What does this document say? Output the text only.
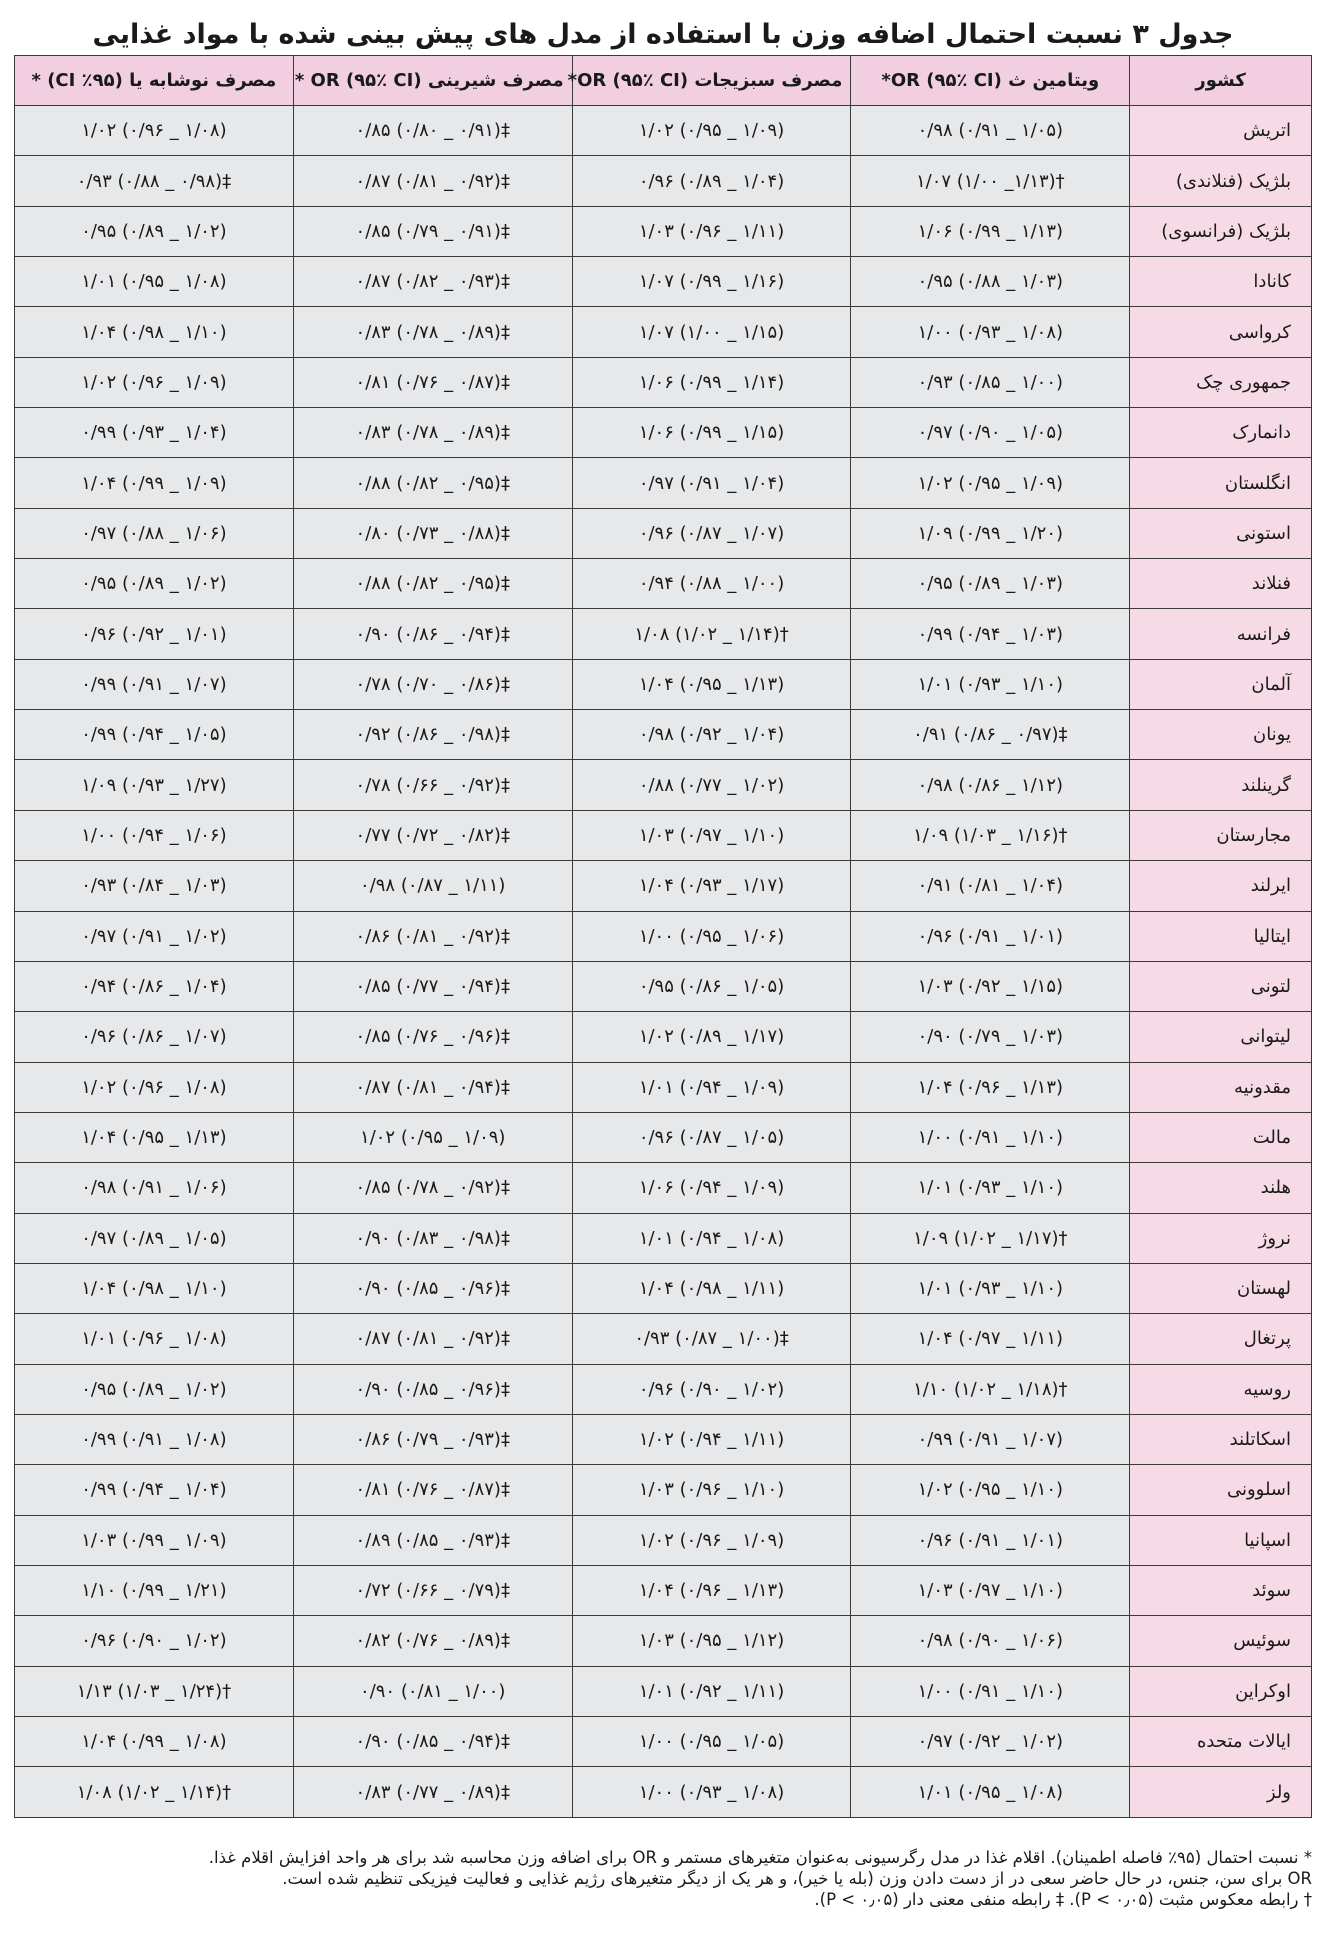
جدول ۳ نسبت احتمال اضافه وزن با استفاده از مدل های پیش بینی شده با مواد غذایی
کشور	ویتامین ث OR (۹۵٪ CI)*	مصرف سبزیجات OR (۹۵٪ CI)*	مصرف شیرینی OR (۹۵٪ CI) *	مصرف نوشابه یا (۹۵٪ CI) *
اتریش	۰/۹۸ (۰/۹۱ _ ۱/۰۵)	۱/۰۲ (۰/۹۵ _ ۱/۰۹)	۰/۸۵ (۰/۸۰ _ ۰/۹۱)‡	۱/۰۲ (۰/۹۶ _ ۱/۰۸)
بلژیک (فنلاندی)	۱/۰۷ (۱/۰۰ _۱/۱۳)†	۰/۹۶ (۰/۸۹ _ ۱/۰۴)	۰/۸۷ (۰/۸۱ _ ۰/۹۲)‡	۰/۹۳ (۰/۸۸ _ ۰/۹۸)‡
بلژیک (فرانسوی)	۱/۰۶ (۰/۹۹ _ ۱/۱۳)	۱/۰۳ (۰/۹۶ _ ۱/۱۱)	۰/۸۵ (۰/۷۹ _ ۰/۹۱)‡	۰/۹۵ (۰/۸۹ _ ۱/۰۲)
کانادا	۰/۹۵ (۰/۸۸ _ ۱/۰۳)	۱/۰۷ (۰/۹۹ _ ۱/۱۶)	۰/۸۷ (۰/۸۲ _ ۰/۹۳)‡	۱/۰۱ (۰/۹۵ _ ۱/۰۸)
کرواسی	۱/۰۰ (۰/۹۳ _ ۱/۰۸)	۱/۰۷ (۱/۰۰ _ ۱/۱۵)	۰/۸۳ (۰/۷۸ _ ۰/۸۹)‡	۱/۰۴ (۰/۹۸ _ ۱/۱۰)
جمهوری چک	۰/۹۳ (۰/۸۵ _ ۱/۰۰)	۱/۰۶ (۰/۹۹ _ ۱/۱۴)	۰/۸۱ (۰/۷۶ _ ۰/۸۷)‡	۱/۰۲ (۰/۹۶ _ ۱/۰۹)
دانمارک	۰/۹۷ (۰/۹۰ _ ۱/۰۵)	۱/۰۶ (۰/۹۹ _ ۱/۱۵)	۰/۸۳ (۰/۷۸ _ ۰/۸۹)‡	۰/۹۹ (۰/۹۳ _ ۱/۰۴)
انگلستان	۱/۰۲ (۰/۹۵ _ ۱/۰۹)	۰/۹۷ (۰/۹۱ _ ۱/۰۴)	۰/۸۸ (۰/۸۲ _ ۰/۹۵)‡	۱/۰۴ (۰/۹۹ _ ۱/۰۹)
استونی	۱/۰۹ (۰/۹۹ _ ۱/۲۰)	۰/۹۶ (۰/۸۷ _ ۱/۰۷)	۰/۸۰ (۰/۷۳ _ ۰/۸۸)‡	۰/۹۷ (۰/۸۸ _ ۱/۰۶)
فنلاند	۰/۹۵ (۰/۸۹ _ ۱/۰۳)	۰/۹۴ (۰/۸۸ _ ۱/۰۰)	۰/۸۸ (۰/۸۲ _ ۰/۹۵)‡	۰/۹۵ (۰/۸۹ _ ۱/۰۲)
فرانسه	۰/۹۹ (۰/۹۴ _ ۱/۰۳)	۱/۰۸ (۱/۰۲ _ ۱/۱۴)†	۰/۹۰ (۰/۸۶ _ ۰/۹۴)‡	۰/۹۶ (۰/۹۲ _ ۱/۰۱)
آلمان	۱/۰۱ (۰/۹۳ _ ۱/۱۰)	۱/۰۴ (۰/۹۵ _ ۱/۱۳)	۰/۷۸ (۰/۷۰ _ ۰/۸۶)‡	۰/۹۹ (۰/۹۱ _ ۱/۰۷)
یونان	۰/۹۱ (۰/۸۶ _ ۰/۹۷)‡	۰/۹۸ (۰/۹۲ _ ۱/۰۴)	۰/۹۲ (۰/۸۶ _ ۰/۹۸)‡	۰/۹۹ (۰/۹۴ _ ۱/۰۵)
گرینلند	۰/۹۸ (۰/۸۶ _ ۱/۱۲)	۰/۸۸ (۰/۷۷ _ ۱/۰۲)	۰/۷۸ (۰/۶۶ _ ۰/۹۲)‡	۱/۰۹ (۰/۹۳ _ ۱/۲۷)
مجارستان	۱/۰۹ (۱/۰۳ _ ۱/۱۶)†	۱/۰۳ (۰/۹۷ _ ۱/۱۰)	۰/۷۷ (۰/۷۲ _ ۰/۸۲)‡	۱/۰۰ (۰/۹۴ _ ۱/۰۶)
ایرلند	۰/۹۱ (۰/۸۱ _ ۱/۰۴)	۱/۰۴ (۰/۹۳ _ ۱/۱۷)	۰/۹۸ (۰/۸۷ _ ۱/۱۱)	۰/۹۳ (۰/۸۴ _ ۱/۰۳)
ایتالیا	۰/۹۶ (۰/۹۱ _ ۱/۰۱)	۱/۰۰ (۰/۹۵ _ ۱/۰۶)	۰/۸۶ (۰/۸۱ _ ۰/۹۲)‡	۰/۹۷ (۰/۹۱ _ ۱/۰۲)
لتونی	۱/۰۳ (۰/۹۲ _ ۱/۱۵)	۰/۹۵ (۰/۸۶ _ ۱/۰۵)	۰/۸۵ (۰/۷۷ _ ۰/۹۴)‡	۰/۹۴ (۰/۸۶ _ ۱/۰۴)
لیتوانی	۰/۹۰ (۰/۷۹ _ ۱/۰۳)	۱/۰۲ (۰/۸۹ _ ۱/۱۷)	۰/۸۵ (۰/۷۶ _ ۰/۹۶)‡	۰/۹۶ (۰/۸۶ _ ۱/۰۷)
مقدونیه	۱/۰۴ (۰/۹۶ _ ۱/۱۳)	۱/۰۱ (۰/۹۴ _ ۱/۰۹)	۰/۸۷ (۰/۸۱ _ ۰/۹۴)‡	۱/۰۲ (۰/۹۶ _ ۱/۰۸)
مالت	۱/۰۰ (۰/۹۱ _ ۱/۱۰)	۰/۹۶ (۰/۸۷ _ ۱/۰۵)	۱/۰۲ (۰/۹۵ _ ۱/۰۹)	۱/۰۴ (۰/۹۵ _ ۱/۱۳)
هلند	۱/۰۱ (۰/۹۳ _ ۱/۱۰)	۱/۰۶ (۰/۹۴ _ ۱/۰۹)	۰/۸۵ (۰/۷۸ _ ۰/۹۲)‡	۰/۹۸ (۰/۹۱ _ ۱/۰۶)
نروژ	۱/۰۹ (۱/۰۲ _ ۱/۱۷)†	۱/۰۱ (۰/۹۴ _ ۱/۰۸)	۰/۹۰ (۰/۸۳ _ ۰/۹۸)‡	۰/۹۷ (۰/۸۹ _ ۱/۰۵)
لهستان	۱/۰۱ (۰/۹۳ _ ۱/۱۰)	۱/۰۴ (۰/۹۸ _ ۱/۱۱)	۰/۹۰ (۰/۸۵ _ ۰/۹۶)‡	۱/۰۴ (۰/۹۸ _ ۱/۱۰)
پرتغال	۱/۰۴ (۰/۹۷ _ ۱/۱۱)	۰/۹۳ (۰/۸۷ _ ۱/۰۰)‡	۰/۸۷ (۰/۸۱ _ ۰/۹۲)‡	۱/۰۱ (۰/۹۶ _ ۱/۰۸)
روسیه	۱/۱۰ (۱/۰۲ _ ۱/۱۸)†	۰/۹۶ (۰/۹۰ _ ۱/۰۲)	۰/۹۰ (۰/۸۵ _ ۰/۹۶)‡	۰/۹۵ (۰/۸۹ _ ۱/۰۲)
اسکاتلند	۰/۹۹ (۰/۹۱ _ ۱/۰۷)	۱/۰۲ (۰/۹۴ _ ۱/۱۱)	۰/۸۶ (۰/۷۹ _ ۰/۹۳)‡	۰/۹۹ (۰/۹۱ _ ۱/۰۸)
اسلوونی	۱/۰۲ (۰/۹۵ _ ۱/۱۰)	۱/۰۳ (۰/۹۶ _ ۱/۱۰)	۰/۸۱ (۰/۷۶ _ ۰/۸۷)‡	۰/۹۹ (۰/۹۴ _ ۱/۰۴)
اسپانیا	۰/۹۶ (۰/۹۱ _ ۱/۰۱)	۱/۰۲ (۰/۹۶ _ ۱/۰۹)	۰/۸۹ (۰/۸۵ _ ۰/۹۳)‡	۱/۰۳ (۰/۹۹ _ ۱/۰۹)
سوئد	۱/۰۳ (۰/۹۷ _ ۱/۱۰)	۱/۰۴ (۰/۹۶ _ ۱/۱۳)	۰/۷۲ (۰/۶۶ _ ۰/۷۹)‡	۱/۱۰ (۰/۹۹ _ ۱/۲۱)
سوئیس	۰/۹۸ (۰/۹۰ _ ۱/۰۶)	۱/۰۳ (۰/۹۵ _ ۱/۱۲)	۰/۸۲ (۰/۷۶ _ ۰/۸۹)‡	۰/۹۶ (۰/۹۰ _ ۱/۰۲)
اوکراین	۱/۰۰ (۰/۹۱ _ ۱/۱۰)	۱/۰۱ (۰/۹۲ _ ۱/۱۱)	۰/۹۰ (۰/۸۱ _ ۱/۰۰)	۱/۱۳ (۱/۰۳ _ ۱/۲۴)†
ایالات متحده	۰/۹۷ (۰/۹۲ _ ۱/۰۲)	۱/۰۰ (۰/۹۵ _ ۱/۰۵)	۰/۹۰ (۰/۸۵ _ ۰/۹۴)‡	۱/۰۴ (۰/۹۹ _ ۱/۰۸)
ولز	۱/۰۱ (۰/۹۵ _ ۱/۰۸)	۱/۰۰ (۰/۹۳ _ ۱/۰۸)	۰/۸۳ (۰/۷۷ _ ۰/۸۹)‡	۱/۰۸ (۱/۰۲ _ ۱/۱۴)†
* نسبت احتمال (۹۵٪ فاصله اطمینان). اقلام غذا در مدل رگرسیونی به‌عنوان متغیرهای مستمر و OR برای اضافه وزن محاسبه شد برای هر واحد افزایش اقلام غذا.
OR برای سن، جنس، در حال حاضر سعی در از دست دادن وزن (بله یا خیر)، و هر یک از دیگر متغیرهای رژیم غذایی و فعالیت فیزیکی تنظیم شده است.
† رابطه معکوس مثبت (P < ۰٫۰۵). ‡ رابطه منفی معنی دار (P < ۰٫۰۵).
